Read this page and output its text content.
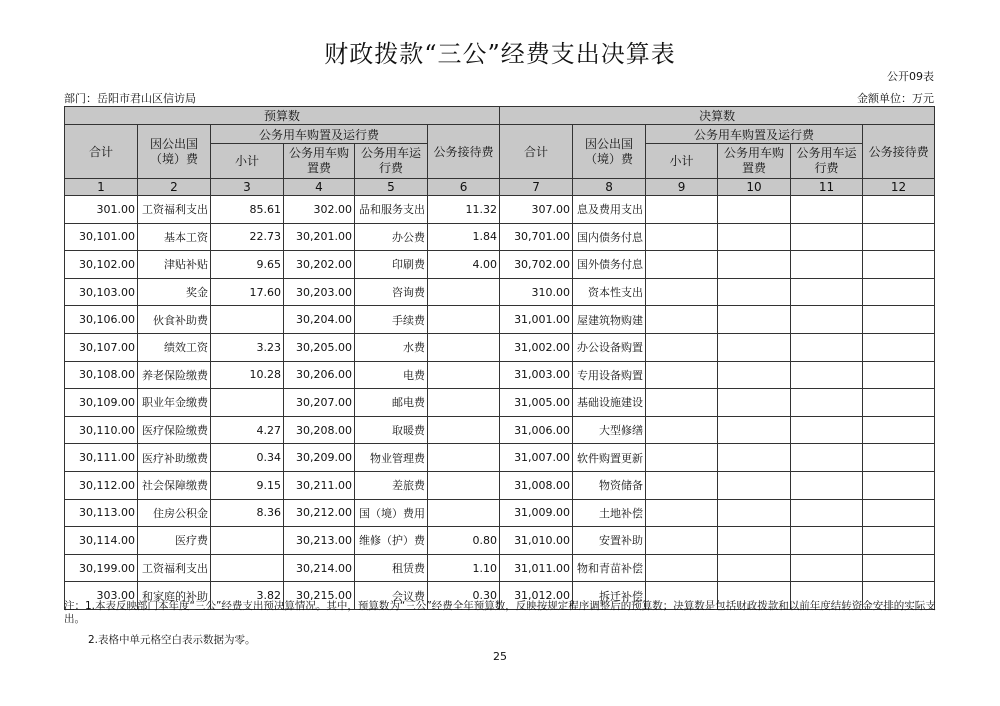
财政拨款“三公”经费支出决算表
公开09表
部门：岳阳市君山区信访局	金额单位：万元
预算数						决算数					
合计	因公出国（境）费	公务用车购置及运行费			公务接待费	合计	因公出国（境）费	公务用车购置及运行费			公务接待费
		小计	公务用车购置费	公务用车运行费				小计	公务用车购置费	公务用车运行费	
1	2	3	4	5	6	7	8	9	10	11	12
301.00	工资福利支出	85.61	302.00	品和服务支出	11.32	307.00	息及费用支出				
30,101.00	基本工资	22.73	30,201.00	办公费	1.84	30,701.00	国内债务付息				
30,102.00	津贴补贴	9.65	30,202.00	印刷费	4.00	30,702.00	国外债务付息				
30,103.00	奖金	17.60	30,203.00	咨询费		310.00	资本性支出				
30,106.00	伙食补助费		30,204.00	手续费		31,001.00	屋建筑物购建				
30,107.00	绩效工资	3.23	30,205.00	水费		31,002.00	办公设备购置				
30,108.00	养老保险缴费	10.28	30,206.00	电费		31,003.00	专用设备购置				
30,109.00	职业年金缴费		30,207.00	邮电费		31,005.00	基础设施建设				
30,110.00	医疗保险缴费	4.27	30,208.00	取暖费		31,006.00	大型修缮				
30,111.00	医疗补助缴费	0.34	30,209.00	物业管理费		31,007.00	软件购置更新				
30,112.00	社会保障缴费	9.15	30,211.00	差旅费		31,008.00	物资储备				
30,113.00	住房公积金	8.36	30,212.00	国（境）费用		31,009.00	土地补偿				
30,114.00	医疗费		30,213.00	维修（护）费	0.80	31,010.00	安置补助				
30,199.00	工资福利支出		30,214.00	租赁费	1.10	31,011.00	物和青苗补偿				
303.00	和家庭的补助	3.82	30,215.00	会议费	0.30	31,012.00	拆迁补偿				
注：1.本表反映部门本年度“三公”经费支出预决算情况。其中，预算数为“三公”经费全年预算数，反映按规定程序调整后的预算数；决算数是包括财政拨款和以前年度结转资金安排的实际支出。
2.表格中单元格空白表示数据为零。
25
